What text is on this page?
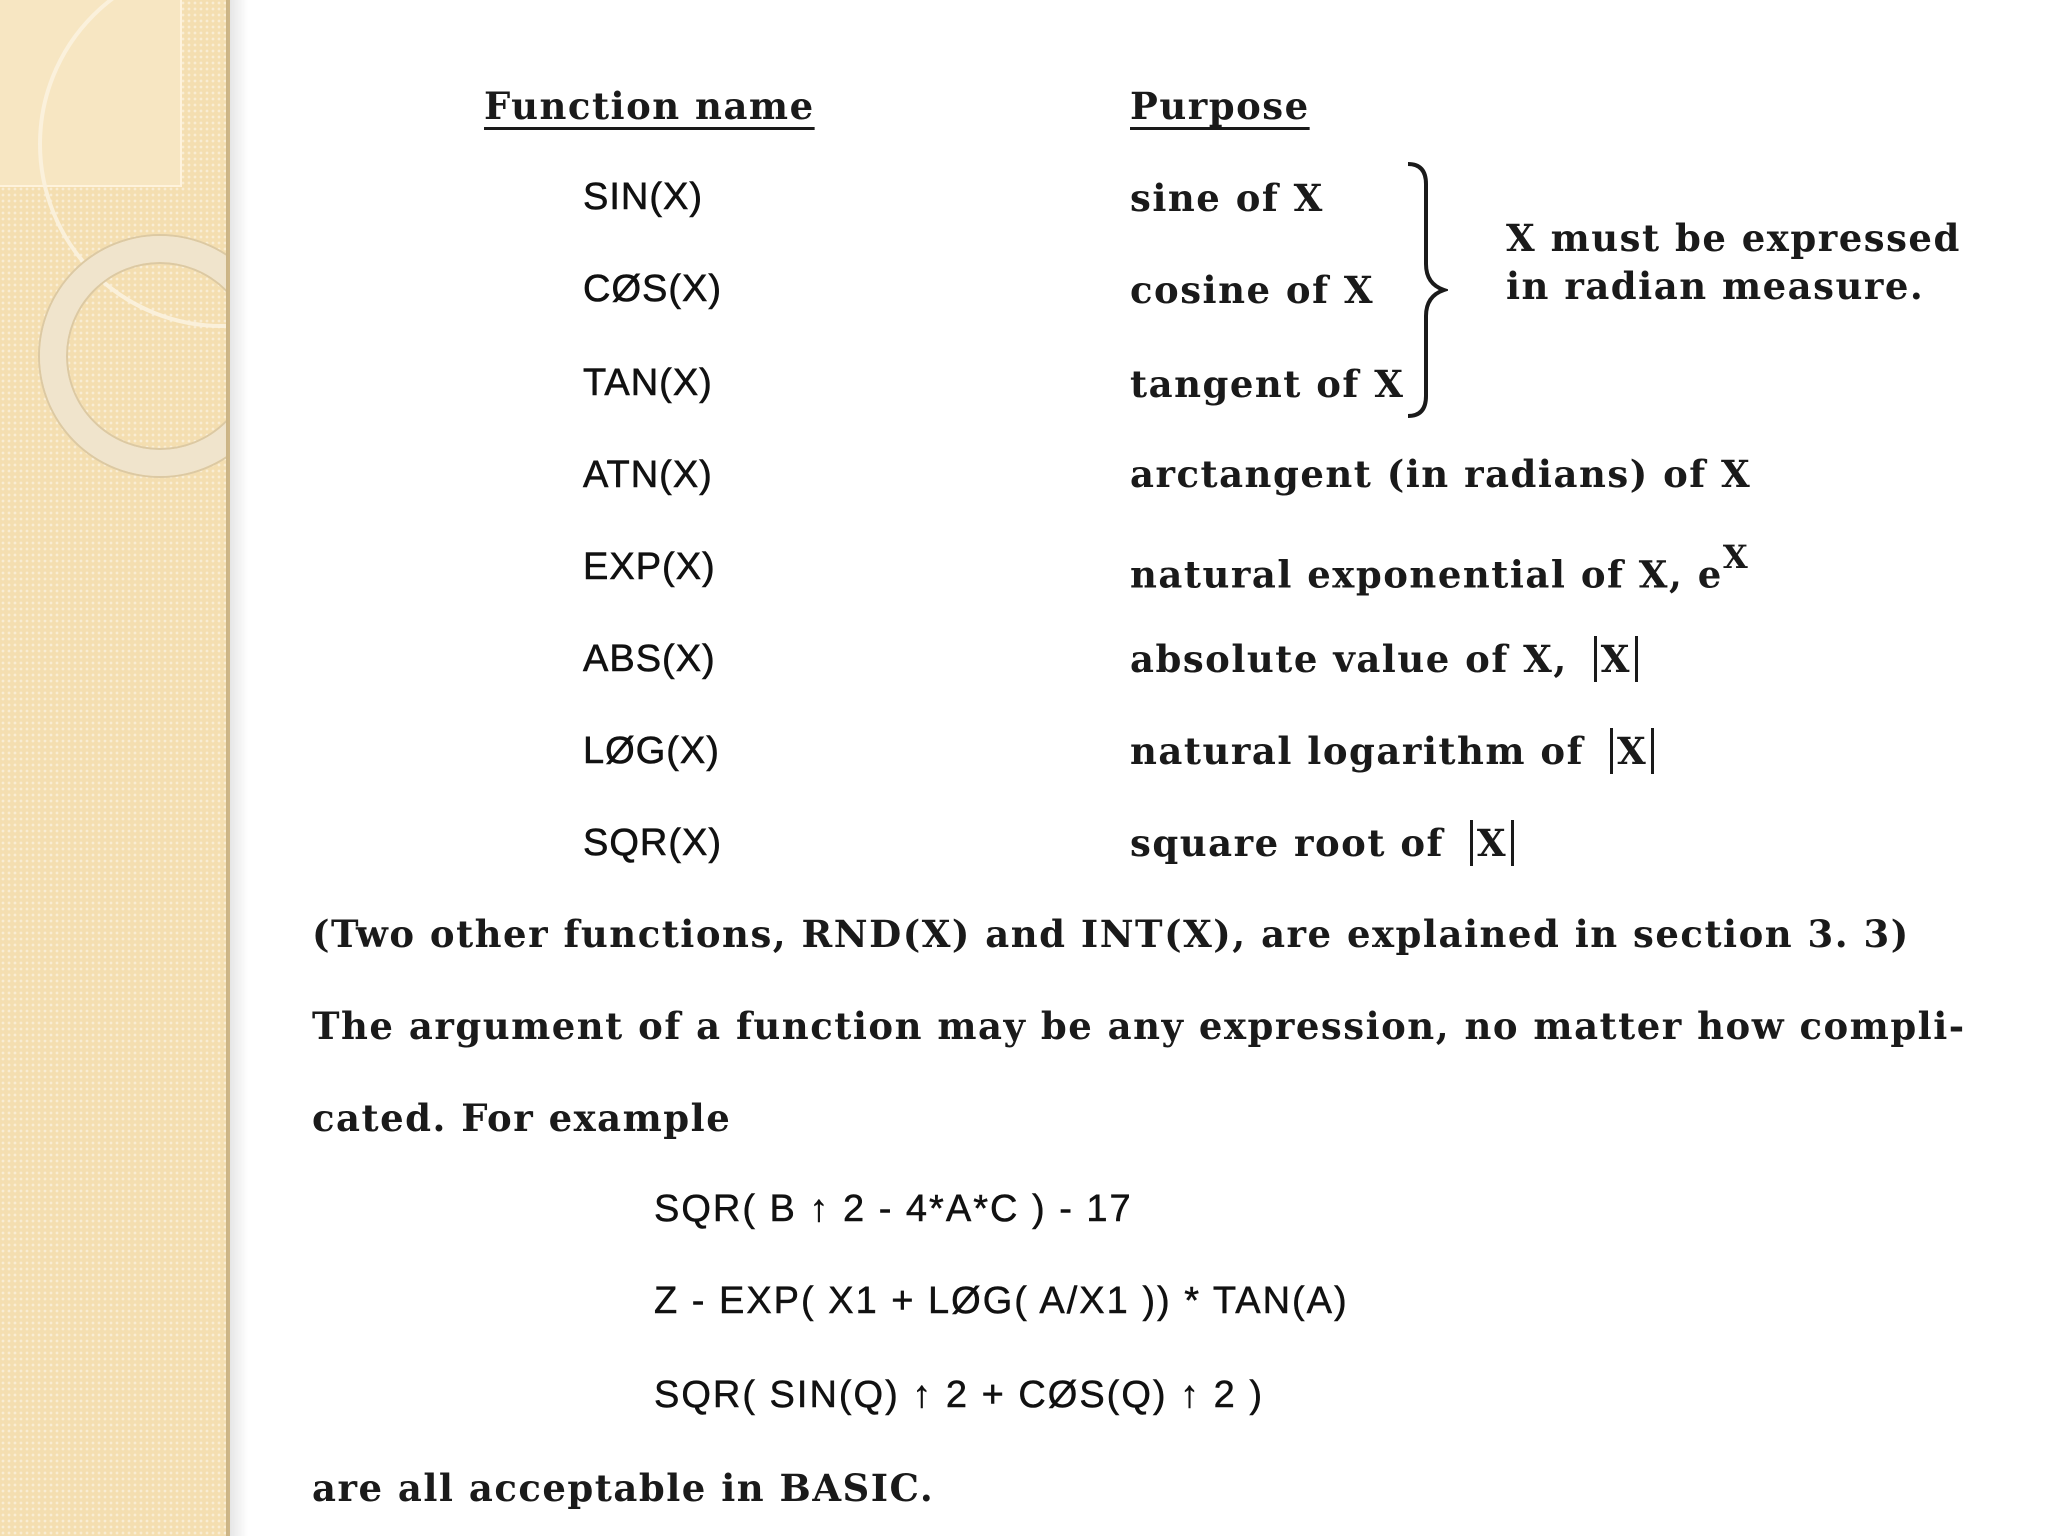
Function name	Purpose
SIN(X)	sine of X
CØS(X)	cosine of X
TAN(X)	tangent of X
ATN(X)	arctangent (in radians) of X
EXP(X)	natural exponential of X, $e^X$
ABS(X)	absolute value of X, X
LØG(X)	natural logarithm of X
SQR(X)	square root of X
X must be expressed
in radian measure.
(Two other functions, RND(X) and INT(X), are explained in section 3. 3)
The argument of a function may be any expression, no matter how compli-
cated. For example
SQR( B ↑ 2 - 4*A*C ) - 17
Z - EXP( X1 + LØG( A/X1 )) * TAN(A)
SQR( SIN(Q) ↑ 2 + CØS(Q) ↑ 2 )
are all acceptable in BASIC.
